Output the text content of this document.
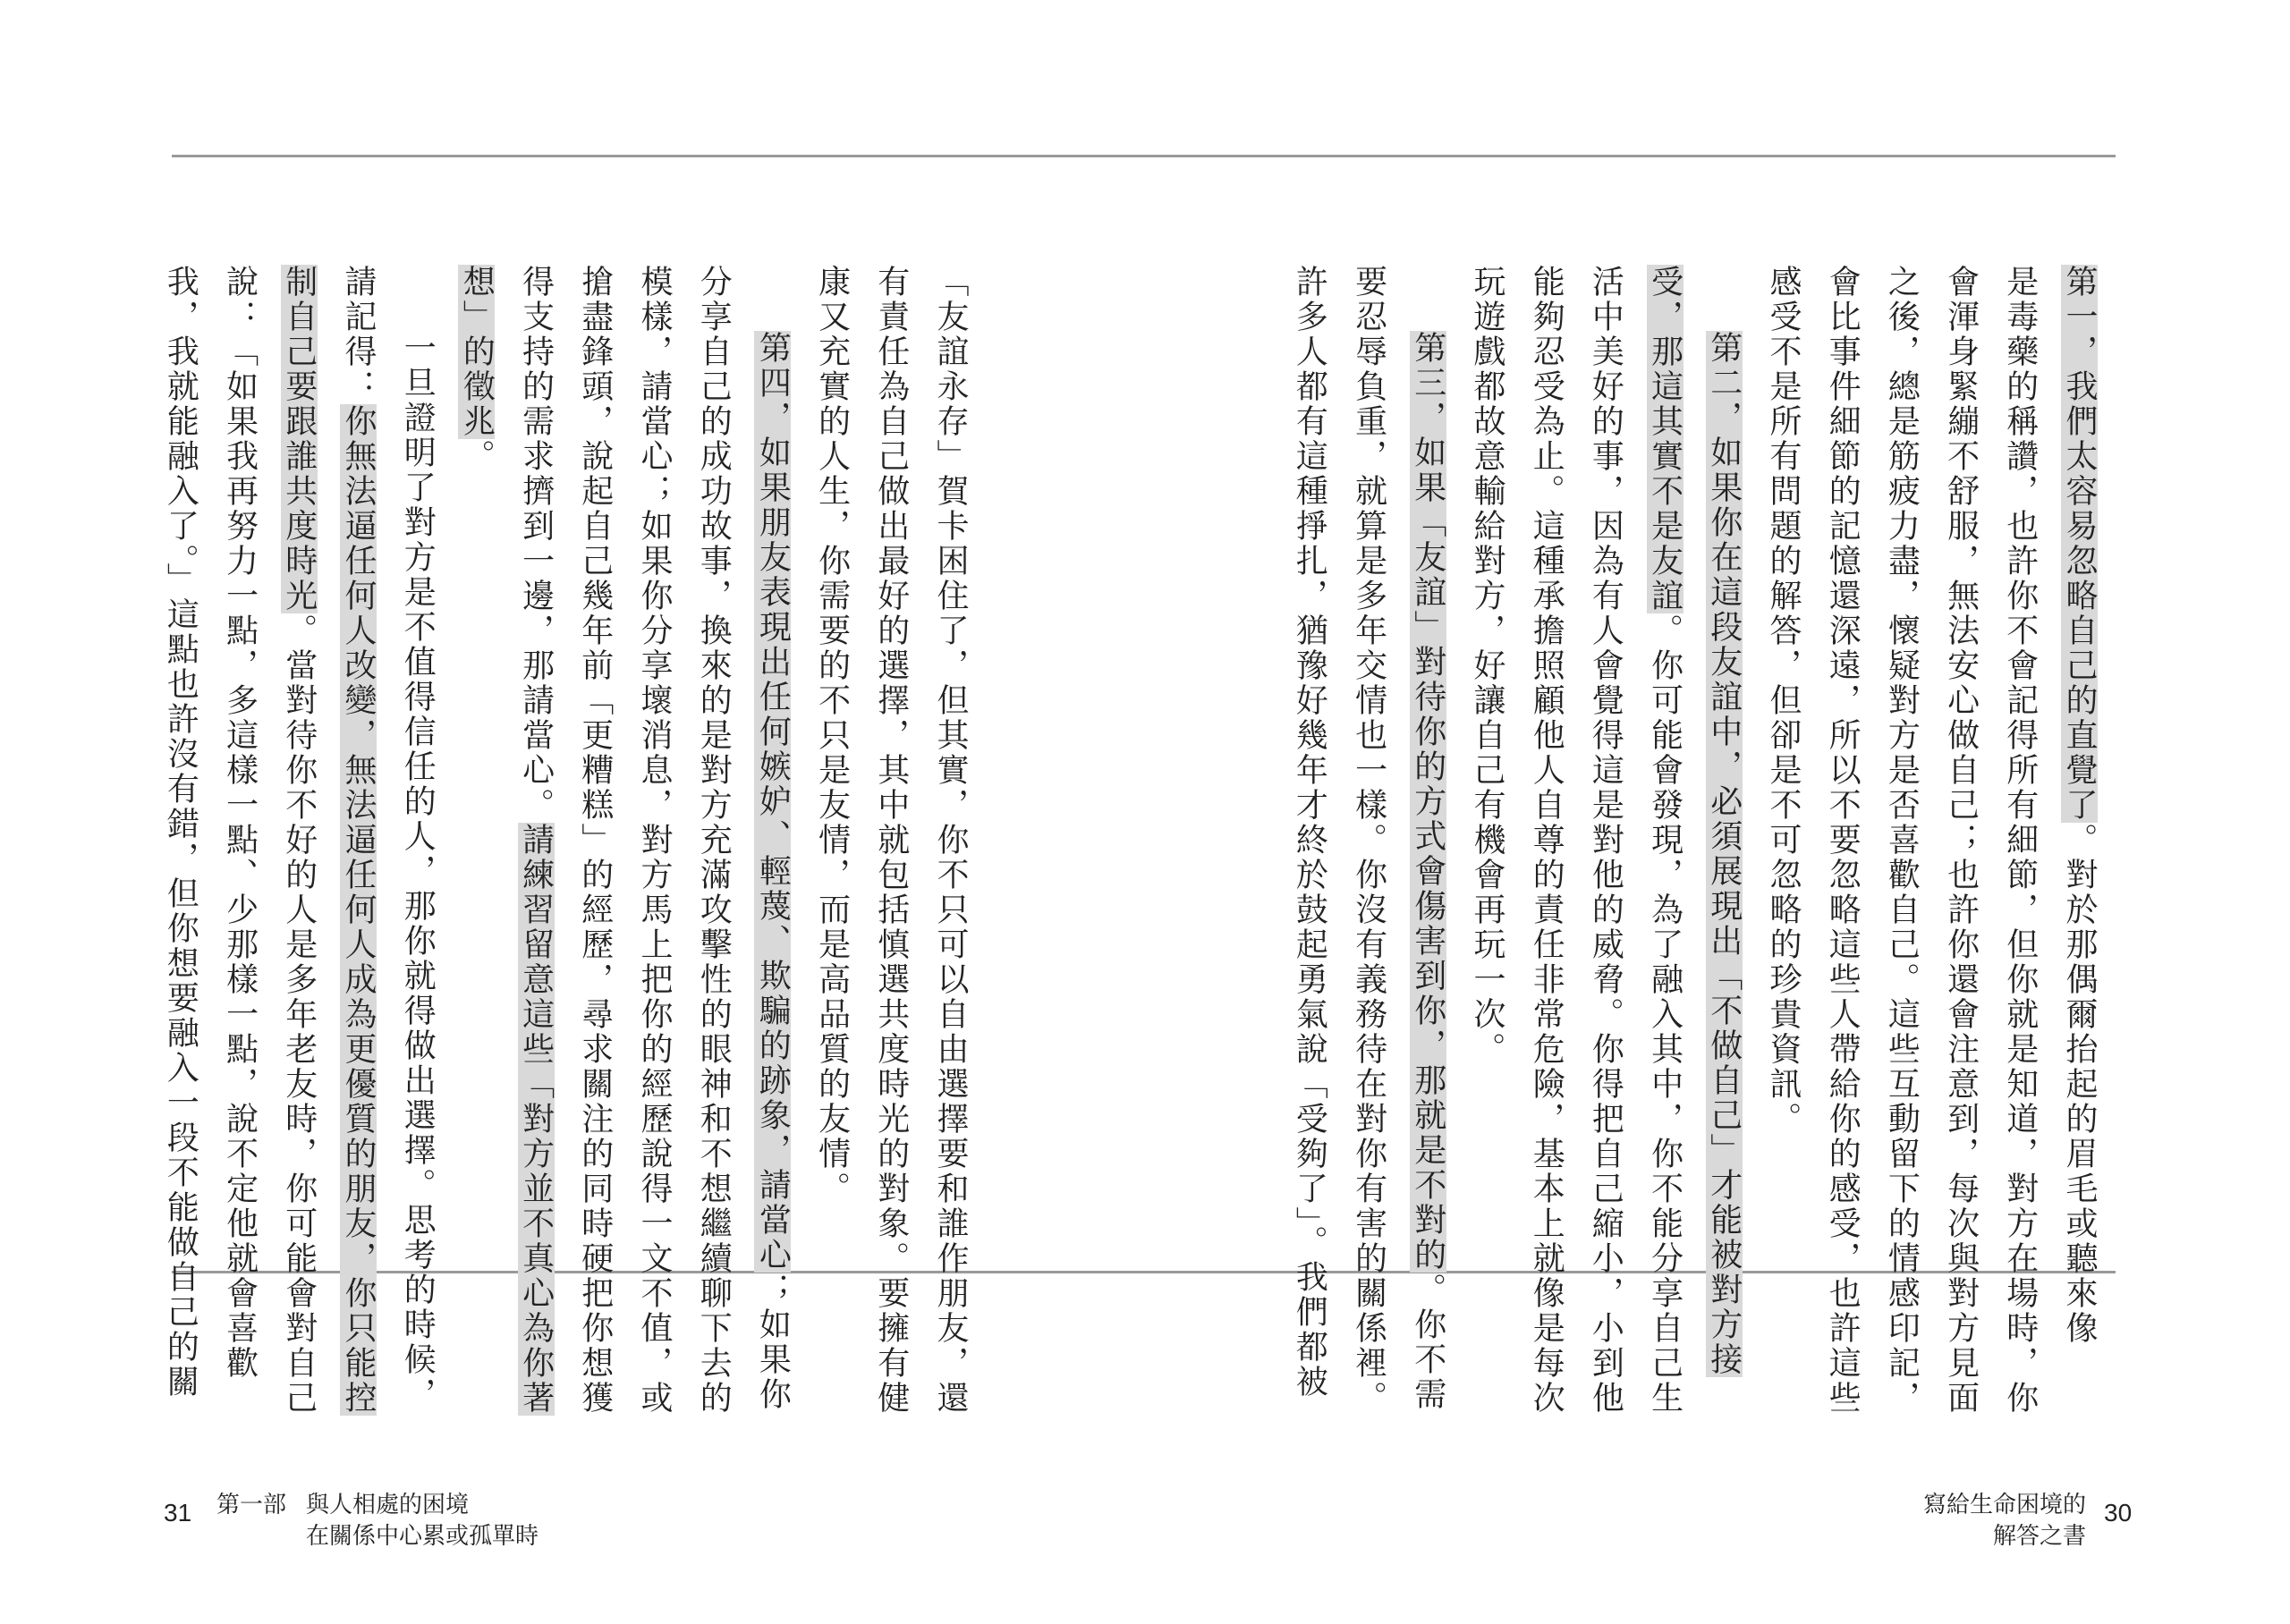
第一，我們太容易忽略自己的直覺了。對於那偶爾抬起的眉毛或聽來像
是毒藥的稱讚，也許你不會記得所有細節，但你就是知道，對方在場時，你
會渾身緊繃不舒服，無法安心做自己；也許你還會注意到，每次與對方見面
之後，總是筋疲力盡，懷疑對方是否喜歡自己。這些互動留下的情感印記，
會比事件細節的記憶還深遠，所以不要忽略這些人帶給你的感受，也許這些
感受不是所有問題的解答，但卻是不可忽略的珍貴資訊。
第二，如果你在這段友誼中，必須展現出「不做自己」才能被對方接
受，那這其實不是友誼。你可能會發現，為了融入其中，你不能分享自己生
活中美好的事，因為有人會覺得這是對他的威脅。你得把自己縮小，小到他
能夠忍受為止。這種承擔照顧他人自尊的責任非常危險，基本上就像是每次
玩遊戲都故意輸給對方，好讓自己有機會再玩一次。
第三，如果「友誼」對待你的方式會傷害到你，那就是不對的。你不需
要忍辱負重，就算是多年交情也一樣。你沒有義務待在對你有害的關係裡。
許多人都有這種掙扎，猶豫好幾年才終於鼓起勇氣說「受夠了」。我們都被
「友誼永存」賀卡困住了，但其實，你不只可以自由選擇要和誰作朋友，還
有責任為自己做出最好的選擇，其中就包括慎選共度時光的對象。要擁有健
康又充實的人生，你需要的不只是友情，而是高品質的友情。
第四，如果朋友表現出任何嫉妒、輕蔑、欺騙的跡象，請當心；如果你
分享自己的成功故事，換來的是對方充滿攻擊性的眼神和不想繼續聊下去的
模樣，請當心；如果你分享壞消息，對方馬上把你的經歷說得一文不值，或
搶盡鋒頭，說起自己幾年前「更糟糕」的經歷，尋求關注的同時硬把你想獲
得支持的需求擠到一邊，那請當心。請練習留意這些「對方並不真心為你著
想」的徵兆。
一旦證明了對方是不值得信任的人，那你就得做出選擇。思考的時候，
請記得：你無法逼任何人改變，無法逼任何人成為更優質的朋友，你只能控
制自己要跟誰共度時光。當對待你不好的人是多年老友時，你可能會對自己
說：「如果我再努力一點，多這樣一點、少那樣一點，說不定他就會喜歡
我，我就能融入了。」這點也許沒有錯，但你想要融入一段不能做自己的關
31 第一部 與人相處的困境
在關係中心累或孤單時
寫給生命困境的
解答之書
30
